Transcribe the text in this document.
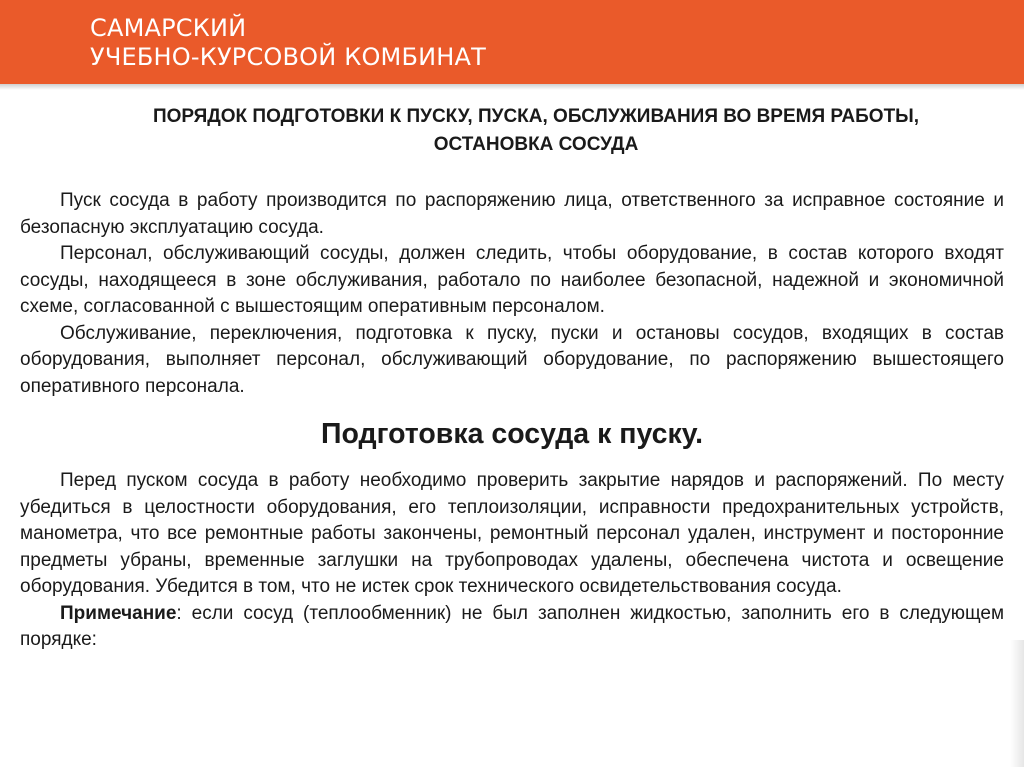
САМАРСКИЙ
УЧЕБНО-КУРСОВОЙ КОМБИНАТ
ПОРЯДОК ПОДГОТОВКИ К ПУСКУ, ПУСКА, ОБСЛУЖИВАНИЯ ВО ВРЕМЯ РАБОТЫ,
ОСТАНОВКА СОСУДА

Пуск сосуда в работу производится по распоряжению лица, ответственного за исправное состояние и безопасную эксплуатацию сосуда.

Персонал, обслуживающий сосуды, должен следить, чтобы оборудование, в состав которого входят сосуды, находящееся в зоне обслуживания, работало по наиболее безопасной, надежной и экономичной схеме, согласованной с вышестоящим оперативным персоналом.

Обслуживание, переключения, подготовка к пуску, пуски и остановы сосудов, входящих в состав оборудования, выполняет персонал, обслуживающий оборудование, по распоряжению вышестоящего оперативного персонала.

Подготовка сосуда к пуску.

Перед пуском сосуда в работу необходимо проверить закрытие нарядов и распоряжений. По месту убедиться в целостности оборудования, его теплоизоляции, исправности предохранительных устройств, манометра, что все ремонтные работы закончены, ремонтный персонал удален, инструмент и посторонние предметы убраны, временные заглушки на трубопроводах удалены, обеспечена чистота и освещение оборудования. Убедится в том, что не истек срок технического освидетельствования сосуда.

Примечание: если сосуд (теплообменник) не был заполнен жидкостью, заполнить его в следующем порядке:
